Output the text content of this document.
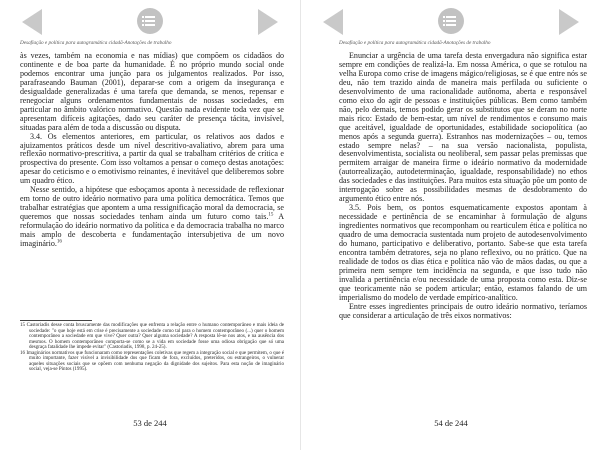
Desafiação e política para autogramática cidadã-Anotações de trabalho

às vezes, também na economia e nas mídias) que compõem os cidadãos do continente e de boa parte da humanidade. É no próprio mundo social onde podemos encontrar uma junção para os julgamentos realizados. Por isso, parafraseando Bauman (2001), deparar-se com a origem da insegurança e desigualdade generalizadas é uma tarefa que demanda, se menos, repensar e renegociar alguns ordenamentos fundamentais de nossas sociedades, em particular no âmbito valórico normativo. Questão nada evidente toda vez que se apresentam difíceis agitações, dado seu caráter de presença tácita, invisível, situadas para além de toda a discussão ou disputa.

3.4. Os elementos anteriores, em particular, os relativos aos dados e ajuizamentos práticos desde um nível descritivo-avaliativo, abrem para uma reflexão normativo-prescritiva, a partir da qual se trabalham critérios de crítica e prospectiva do presente. Com isso voltamos a pensar o começo destas anotações: apesar do ceticismo e o emotivismo reinantes, é inevitável que deliberemos sobre um quadro ético.

Nesse sentido, a hipótese que esboçamos aponta à necessidade de reflexionar em torno de outro ideário normativo para uma política democrática. Temos que trabalhar estratégias que apontem a uma ressignificação moral da democracia, se queremos que nossas sociedades tenham ainda um futuro como tais.$^{15}$ A reformulação do ideário normativo da política e da democracia trabalha no marco mais amplo de descoberta e fundamentação intersubjetiva de um novo imaginário.$^{16}$

15 Castoriadis desse conta bruscamente das modificações que enfrenta a relação entre o humano contemporâneo e mais ideia de sociedade: "o que hoje está em crise é precisamente a sociedade como tal para o homem contemporâneo (...) quer o homem contemporâneo a sociedade em que vive? Quer outra? Quer alguma sociedade? A resposta lê-se nos atos, e na ausência dos mesmos. O homem contemporâneo comporta-se como se a vida em sociedade fosse uma odiosa obrigação que só uma desgraça fatalidade lhe impede evitar" (Castoriadis, 1998, p. 24-25).

16 Imaginários normativos que funcionaram como representações coletivas que regem a integração social e que permitem, o que é muito importante, fazer visível a invisibilidade dos que ficam de fora, excluídos, preteridos, ou estrangeiros, o vulnerar aqueles situações sociais que se opõem com nenhuma negação da dignidade dos sujeitos. Para esta noção de imaginário social, veja-se Pintos (1995).

53 de 244
Desafiação e política para autogramática cidadã-Anotações de trabalho

Enunciar a urgência de uma tarefa desta envergadura não significa estar sempre em condições de realizá-la. Em nossa América, o que se rotulou na velha Europa como crise de imagens mágico/religiosas, se é que entre nós se deu, não tem trazido ainda de maneira mais perfilada ou suficiente o desenvolvimento de uma racionalidade autônoma, aberta e responsável como eixo do agir de pessoas e instituições públicas. Bem como também não, pelo demais, temos podido gerar os substitutos que se deram no norte mais rico: Estado de bem-estar, um nível de rendimentos e consumo mais que aceitável, igualdade de oportunidades, estabilidade sociopolítica (ao menos após a segunda guerra). Estranhos nas modernizações – ou, temos estado sempre nelas? – na sua versão nacionalista, populista, desenvolvimentista, socialista ou neoliberal, sem passar pelas premissas que permitem arraigar de maneira firme o ideário normativo da modernidade (autorrealização, autodeterminação, igualdade, responsabilidade) no ethos das sociedades e das instituições. Para muitos esta situação põe um ponto de interrogação sobre as possibilidades mesmas de desdobramento do argumento ético entre nós.

3.5. Pois bem, os pontos esquematicamente expostos apontam à necessidade e pertinência de se encaminhar à formulação de alguns ingredientes normativos que recomponham ou rearticulem ética e política no quadro de uma democracia sustentada num projeto de autodesenvolvimento do humano, participativo e deliberativo, portanto. Sabe-se que esta tarefa encontra também detratores, seja no plano reflexivo, ou no prático. Que na realidade de todos os dias ética e política não vão de mãos dadas, ou que a primeira nem sempre tem incidência na segunda, e que isso tudo não invalida a pertinência e/ou necessidade de uma proposta como esta. Diz-se que teoricamente não se podem articular; então, estamos falando de um imperialismo do modelo de verdade empírico-analítico.

Entre esses ingredientes principais de outro ideário normativo, teríamos que considerar a articulação de três eixos normativos:

54 de 244
